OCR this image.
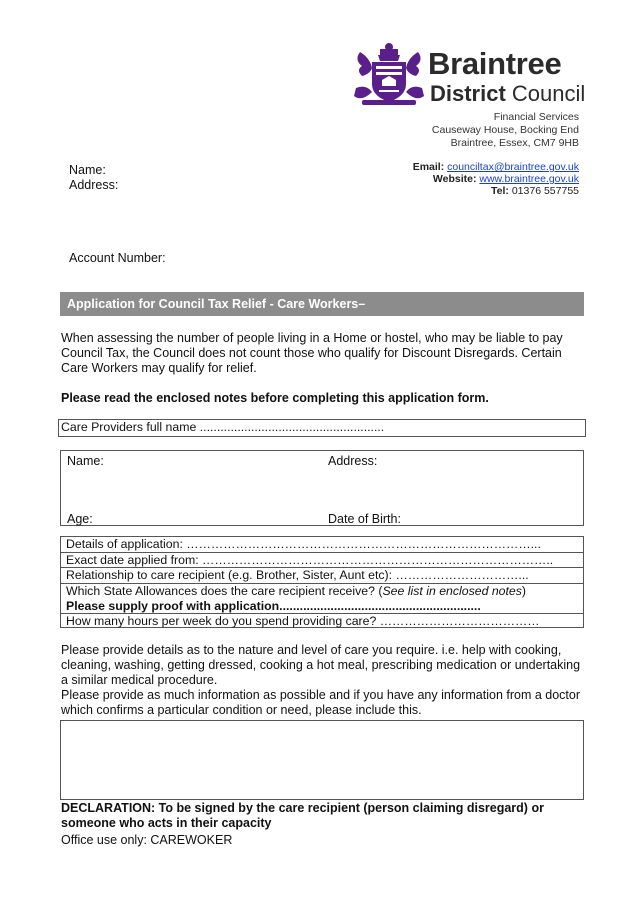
Braintree
District Council
Financial Services
Causeway House, Bocking End
Braintree, Essex, CM7 9HB
Email: counciltax@braintree.gov.uk
Website: www.braintree.gov.uk
Tel: 01376 557755
Name:
Address:
Account Number:
Application for Council Tax Relief - Care Workers–
When assessing the number of people living in a Home or hostel, who may be liable to pay Council Tax, the Council does not count those who qualify for Discount Disregards. Certain Care Workers may qualify for relief.
Please read the enclosed notes before completing this application form.
Care Providers full name ......................................................
Name:	Address:
Age:	Date of Birth:
Details of application: …………………………………………………………………………...
Exact date applied from: …………………………………………………………………………..
Relationship to care recipient (e.g. Brother, Sister, Aunt etc): …………………………...
Which State Allowances does the care recipient receive? (See list in enclosed notes)
Please supply proof with application...........................................................
How many hours per week do you spend providing care? …………………………………
Please provide details as to the nature and level of care you require. i.e. help with cooking, cleaning, washing, getting dressed, cooking a hot meal, prescribing medication or undertaking a similar medical procedure.
Please provide as much information as possible and if you have any information from a doctor which confirms a particular condition or need, please include this.
DECLARATION: To be signed by the care recipient (person claiming disregard) or someone who acts in their capacity
Office use only: CAREWOKER
